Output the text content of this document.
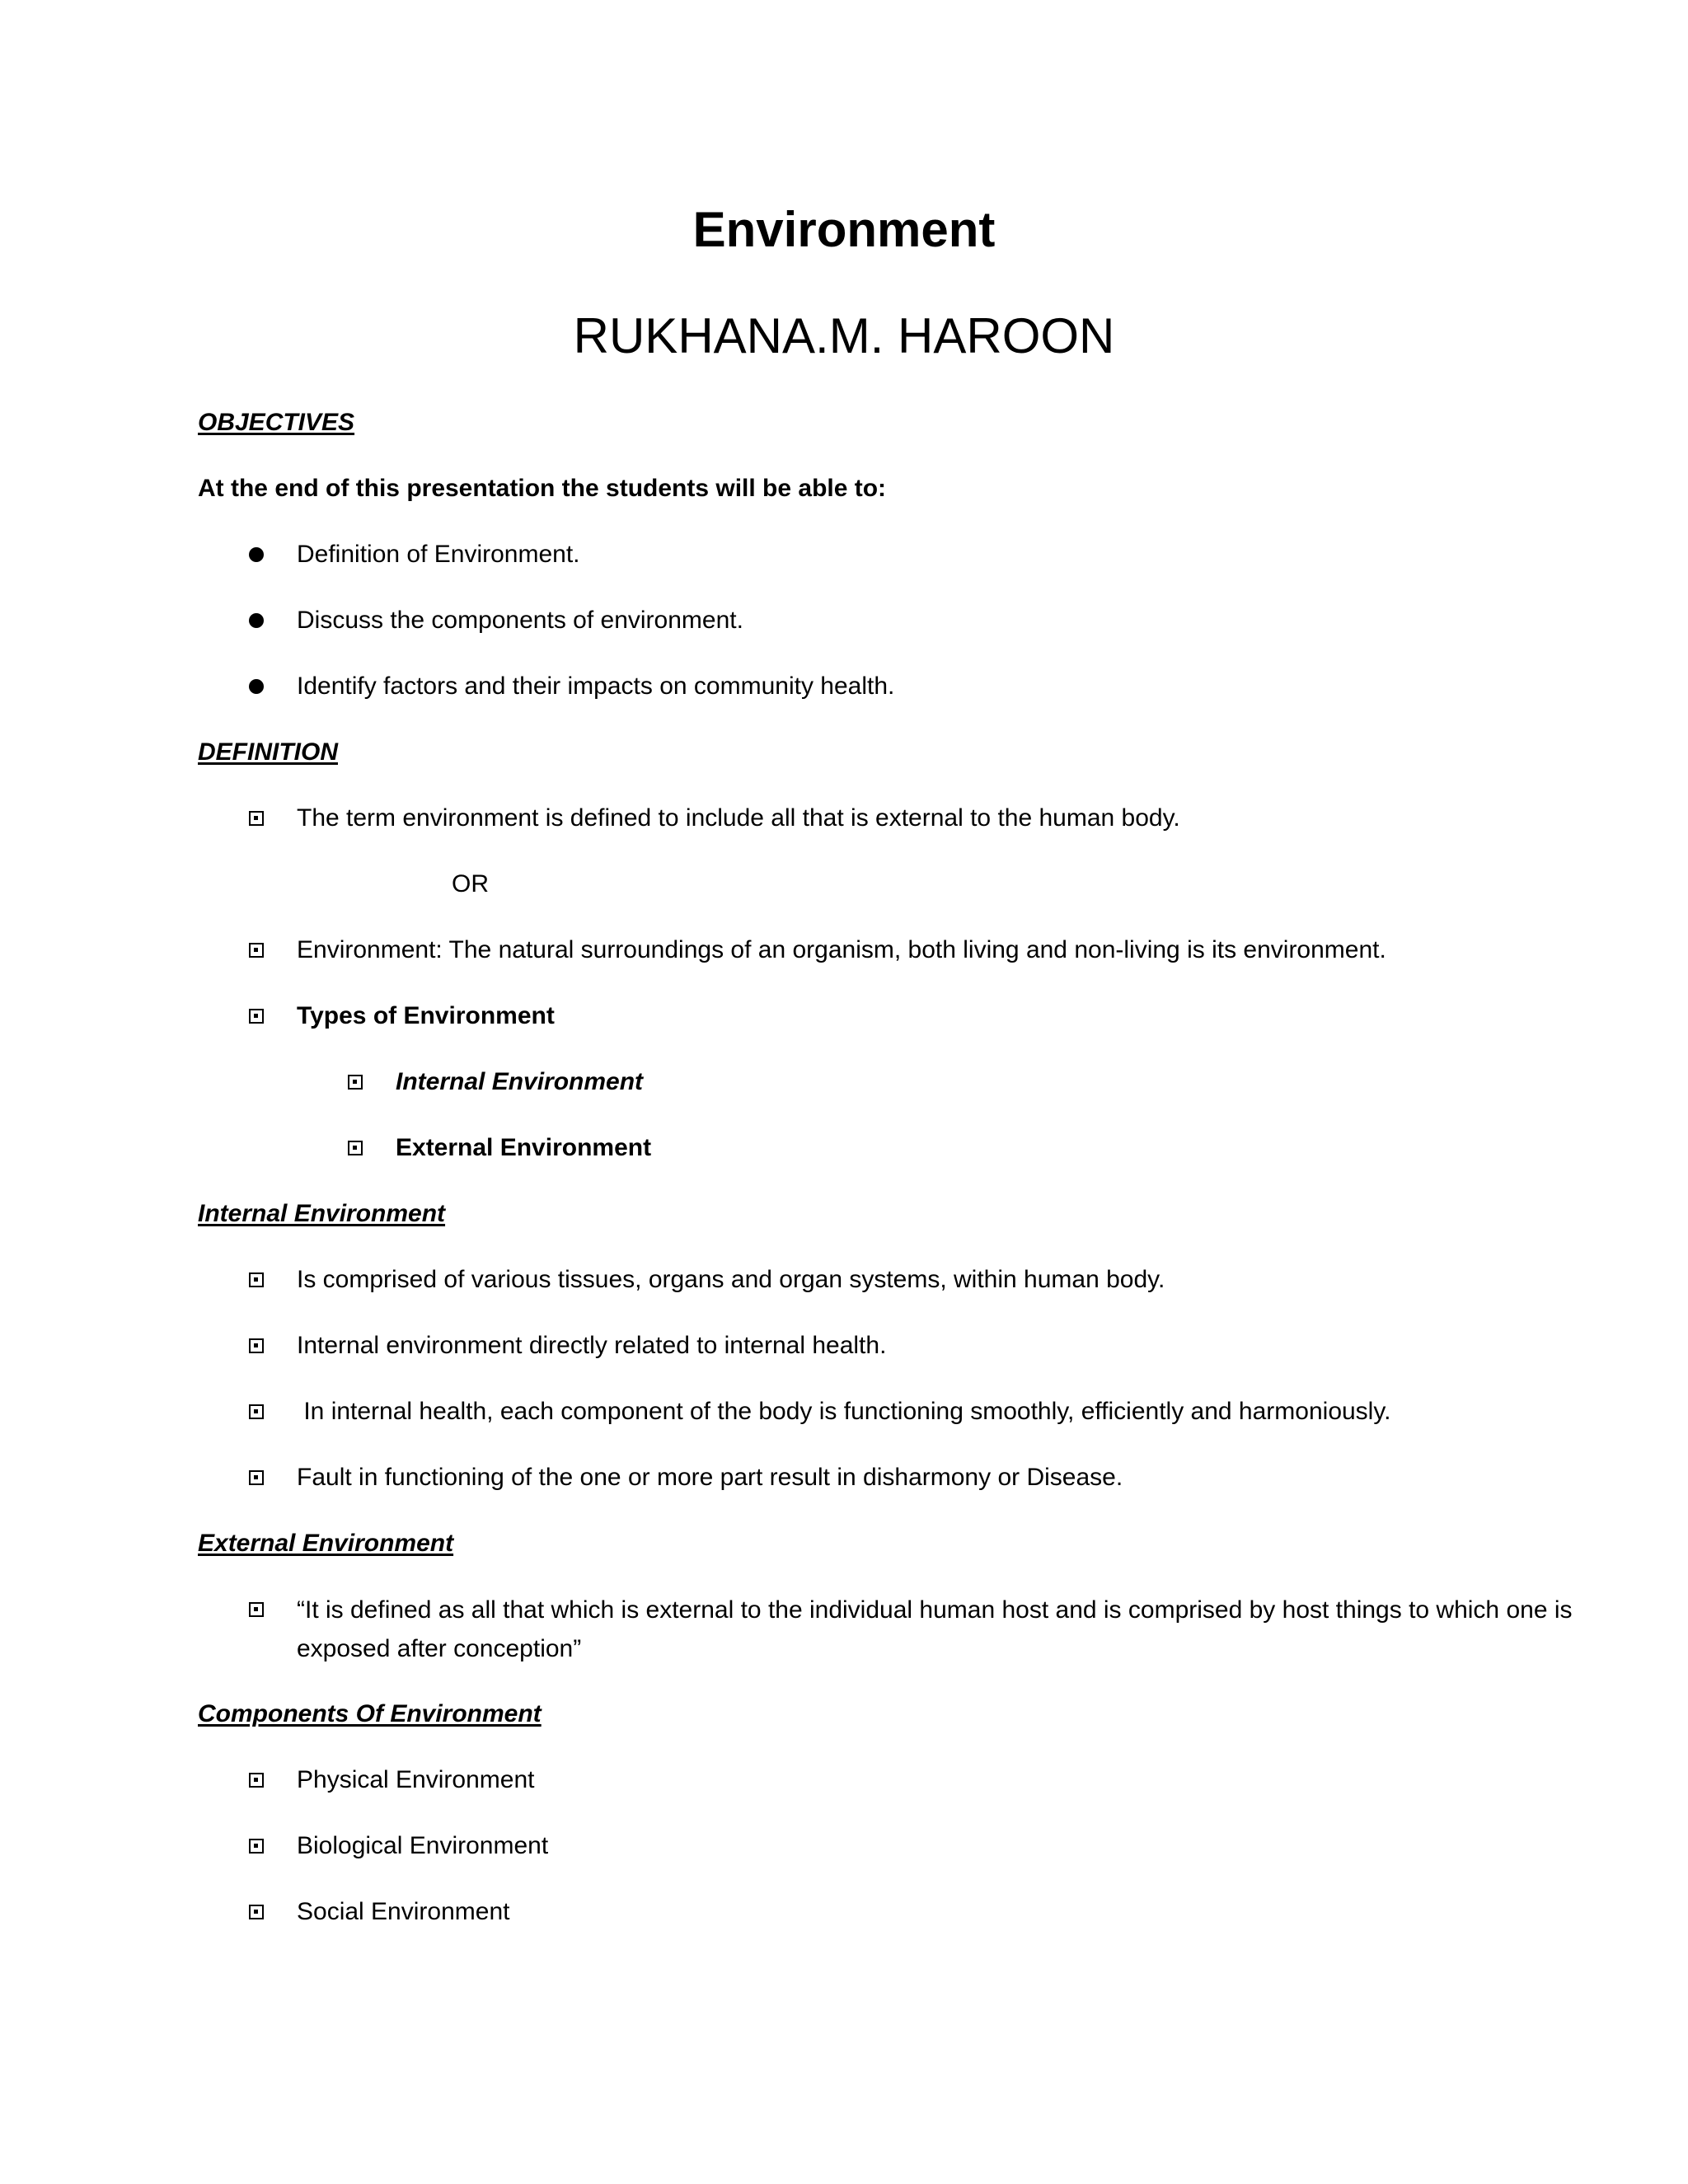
Environment
RUKHANA.M. HAROON
OBJECTIVES
At the end of this presentation the students will be able to:
Definition of Environment.
Discuss the components of environment.
Identify factors and their impacts on community health.
DEFINITION
The term environment is defined to include all that is external to the human body.
OR
Environment: The natural surroundings of an organism, both living and non-living is its environment.
Types of Environment
Internal Environment
External Environment
Internal Environment
Is comprised of various tissues, organs and organ systems, within human body.
Internal environment directly related to internal health.
In internal health, each component of the body is functioning smoothly, efficiently and harmoniously.
Fault in functioning of the one or more part result in disharmony or Disease.
External Environment
“It is defined as all that which is external to the individual human host and is comprised by host things to which one is exposed after conception”
Components Of Environment
Physical Environment
Biological Environment
Social Environment
